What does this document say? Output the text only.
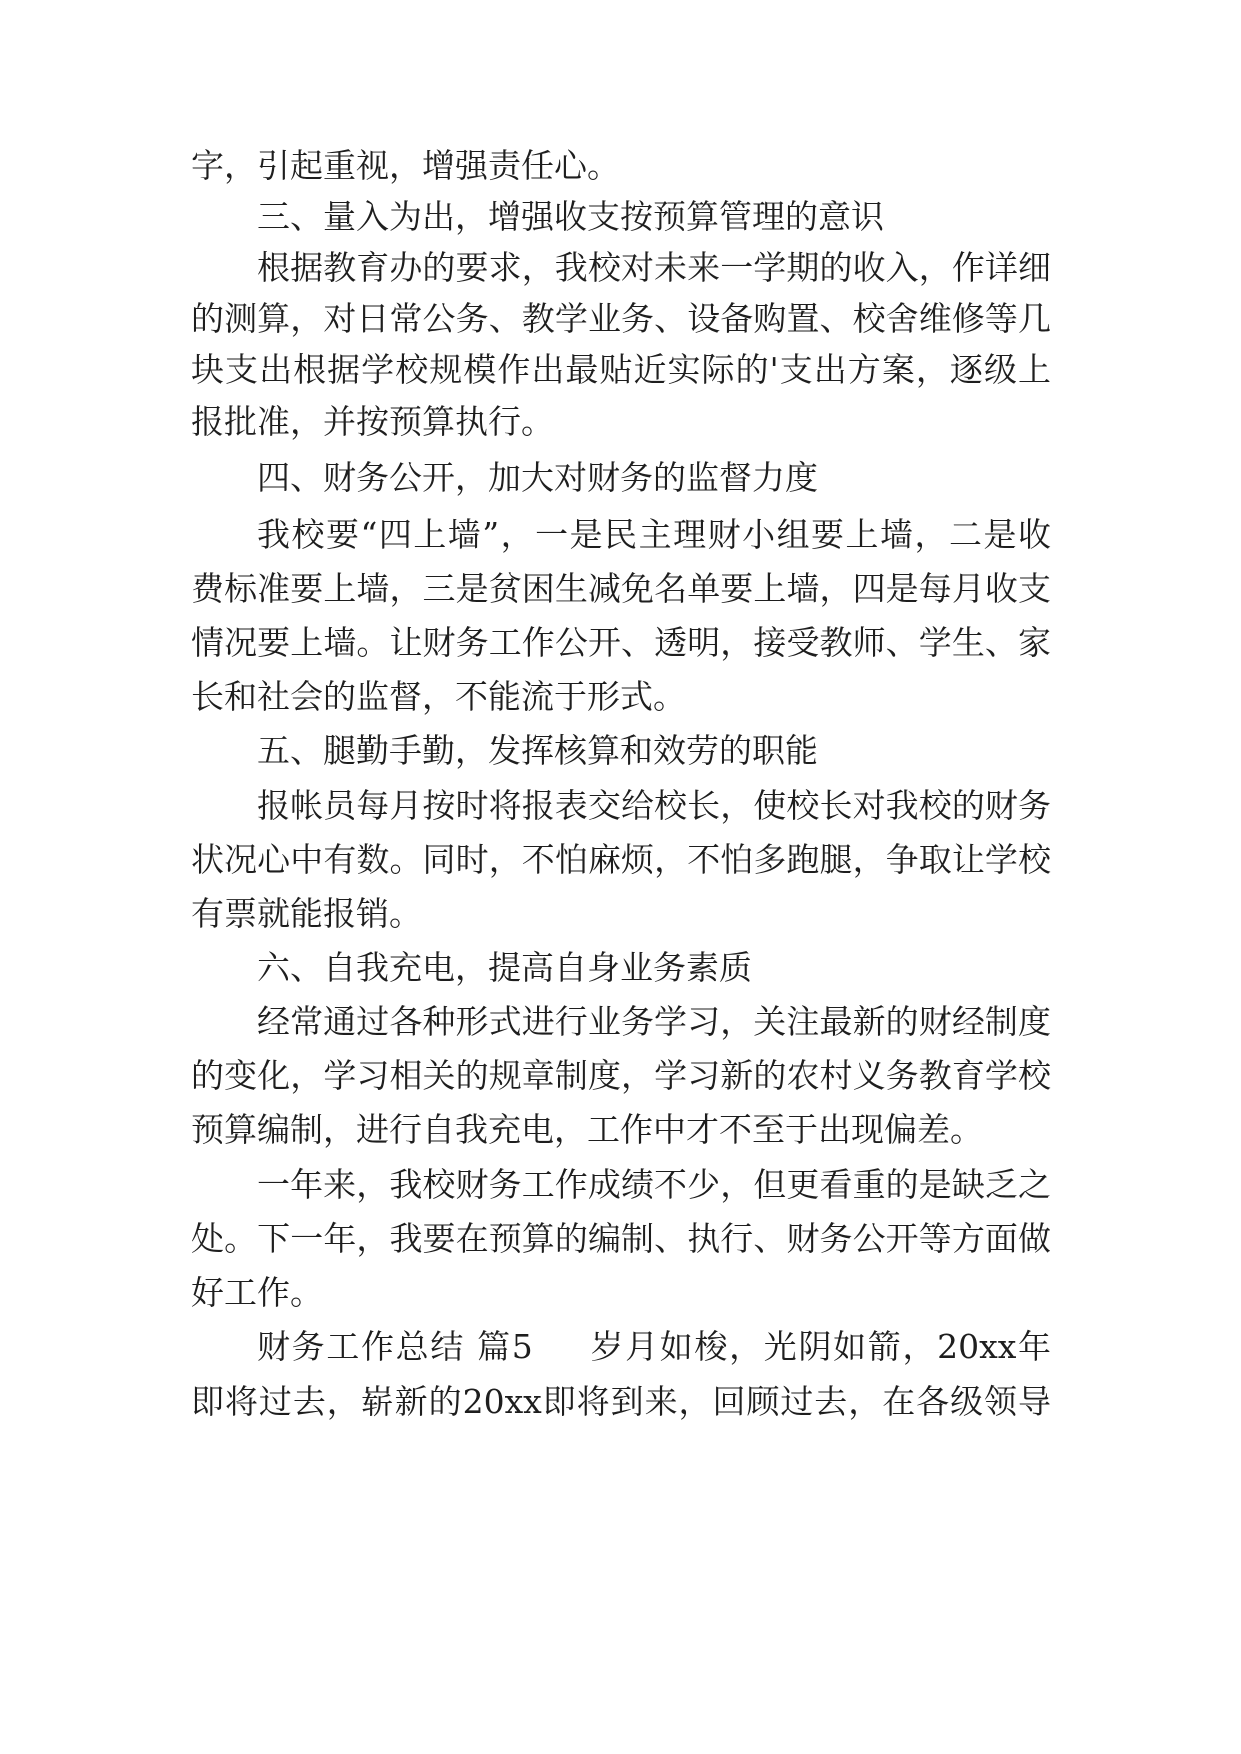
字，引起重视，增强责任心。

三、量入为出，增强收支按预算管理的意识

根据教育办的要求，我校对未来一学期的收入，作详细

的测算，对日常公务、教学业务、设备购置、校舍维修等几

块支出根据学校规模作出最贴近实际的'支出方案，逐级上

报批准，并按预算执行。

四、财务公开，加大对财务的监督力度

我校要“四上墙”，一是民主理财小组要上墙，二是收

费标准要上墙，三是贫困生减免名单要上墙，四是每月收支

情况要上墙。让财务工作公开、透明，接受教师、学生、家

长和社会的监督，不能流于形式。

五、腿勤手勤，发挥核算和效劳的职能

报帐员每月按时将报表交给校长，使校长对我校的财务

状况心中有数。同时，不怕麻烦，不怕多跑腿，争取让学校

有票就能报销。

六、自我充电，提高自身业务素质

经常通过各种形式进行业务学习，关注最新的财经制度

的变化，学习相关的规章制度，学习新的农村义务教育学校

预算编制，进行自我充电，工作中才不至于出现偏差。

一年来，我校财务工作成绩不少，但更看重的是缺乏之

处。下一年，我要在预算的编制、执行、财务公开等方面做

好工作。

财务工作总结 篇5 岁月如梭，光阴如箭，20xx年

即将过去，崭新的20xx即将到来，回顾过去，在各级领导
